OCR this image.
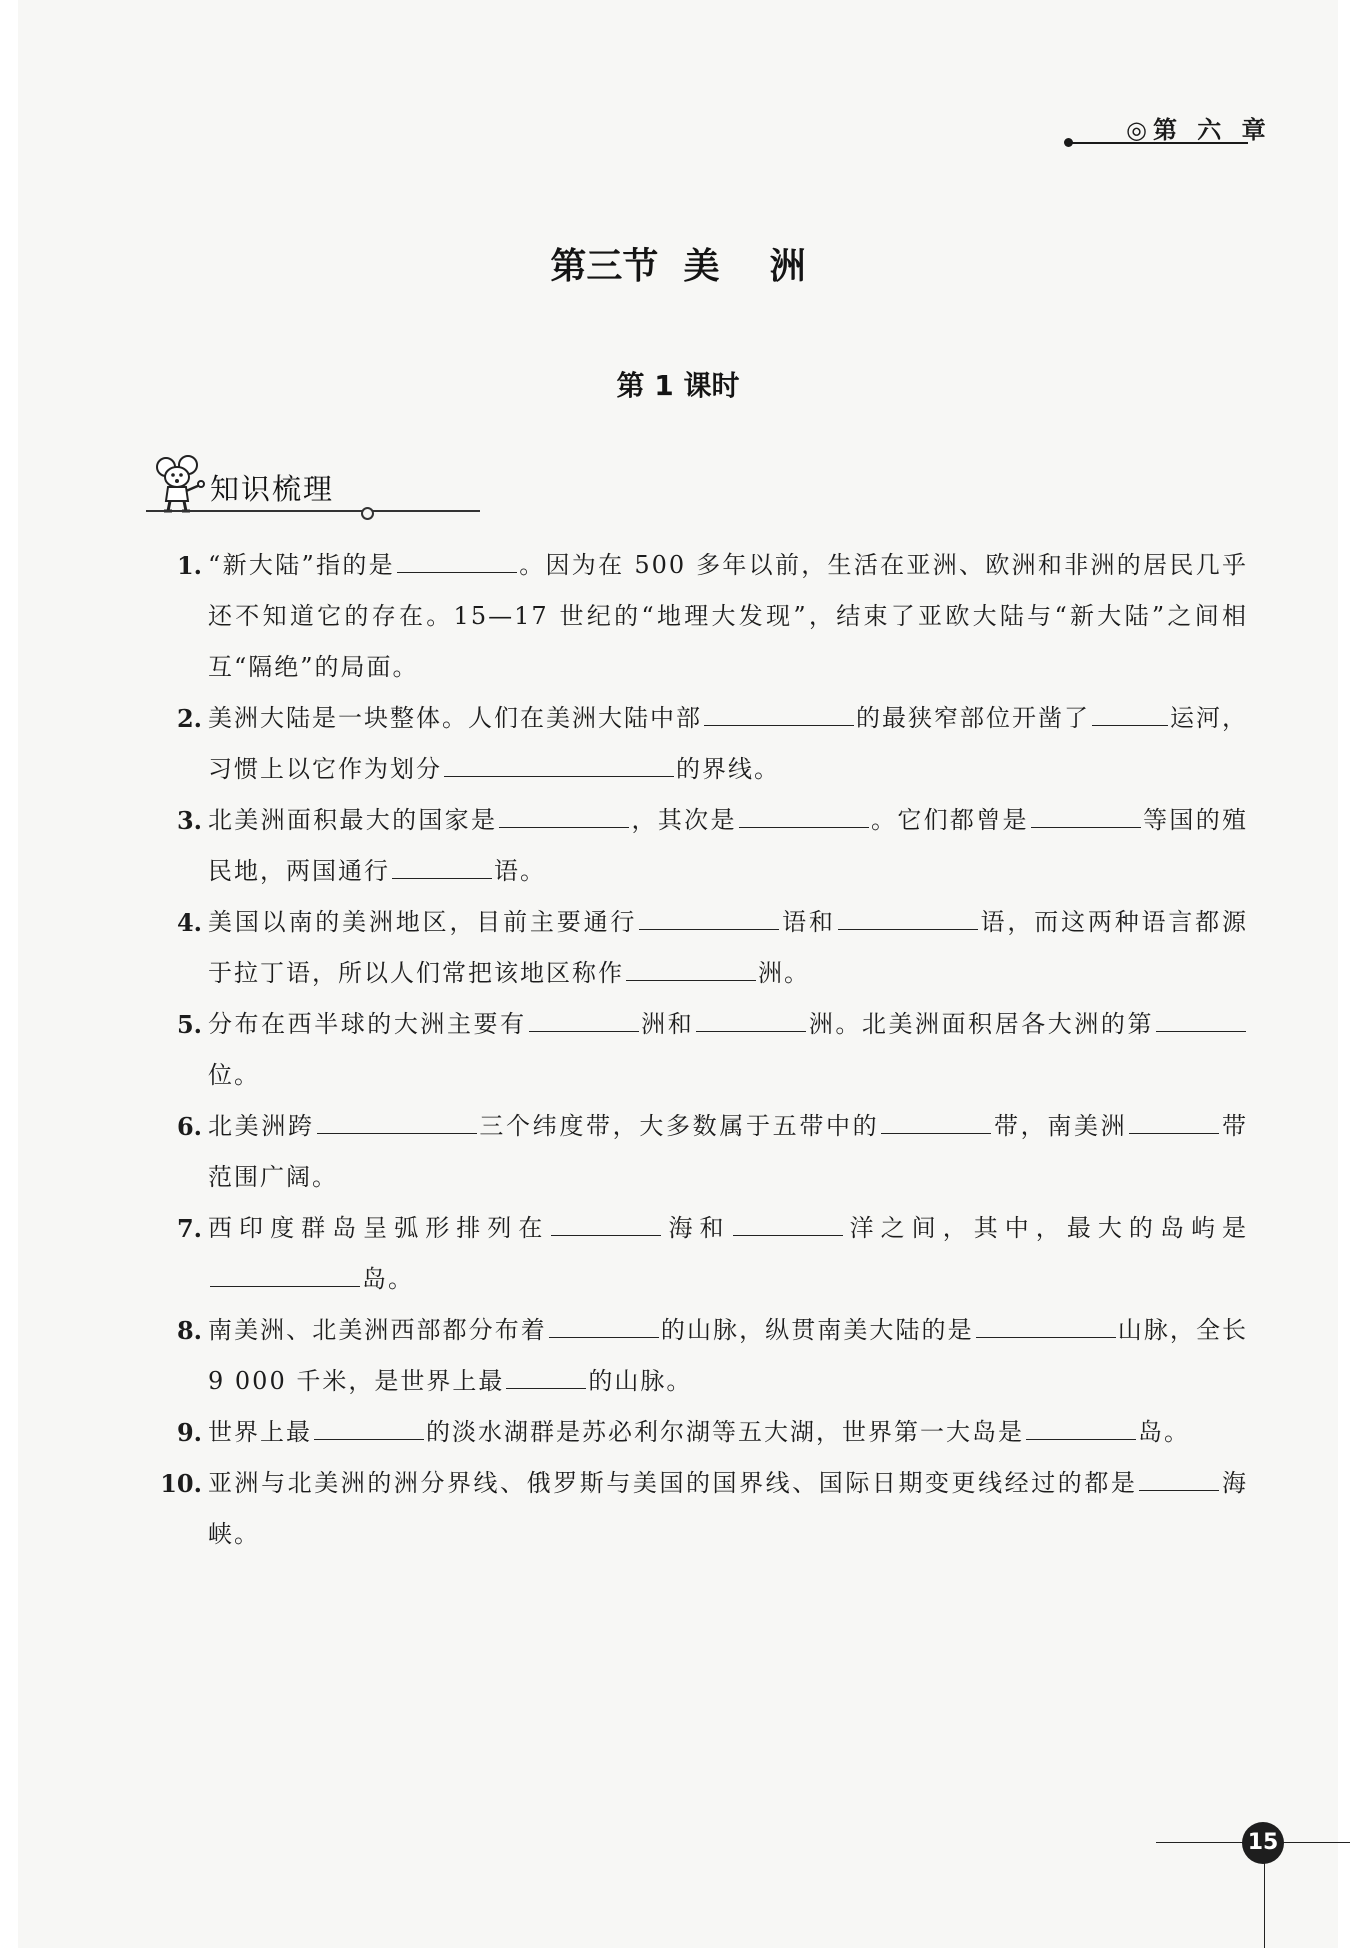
◎第 六 章
第三节  美    洲
第 1 课时
知识梳理
1. “新大陆”指的是	。因为在 500 多年以前，生活在亚洲、欧洲和非洲的居民几乎还不知道它的存在。15—17 世纪的“地理大发现”，结束了亚欧大陆与“新大陆”之间相互“隔绝”的局面。
2. 美洲大陆是一块整体。人们在美洲大陆中部	的最狭窄部位开凿了	运河，习惯上以它作为划分	的界线。
3. 北美洲面积最大的国家是	，其次是	。它们都曾是	等国的殖民地，两国通行	语。
4. 美国以南的美洲地区，目前主要通行	语和	语，而这两种语言都源于拉丁语，所以人们常把该地区称作	洲。
5. 分布在西半球的大洲主要有	洲和	洲。北美洲面积居各大洲的第位。
6. 北美洲跨	三个纬度带，大多数属于五带中的	带，南美洲	带范围广阔。
7. 西印度群岛呈弧形排列在	海和	洋之间，其中，最大的岛屿是岛。
8. 南美洲、北美洲西部都分布着	的山脉，纵贯南美大陆的是	山脉，全长 9 000 千米，是世界上最	的山脉。
9. 世界上最	的淡水湖群是苏必利尔湖等五大湖，世界第一大岛是	岛。
10. 亚洲与北美洲的洲分界线、俄罗斯与美国的国界线、国际日期变更线经过的都是	海峡。
15
